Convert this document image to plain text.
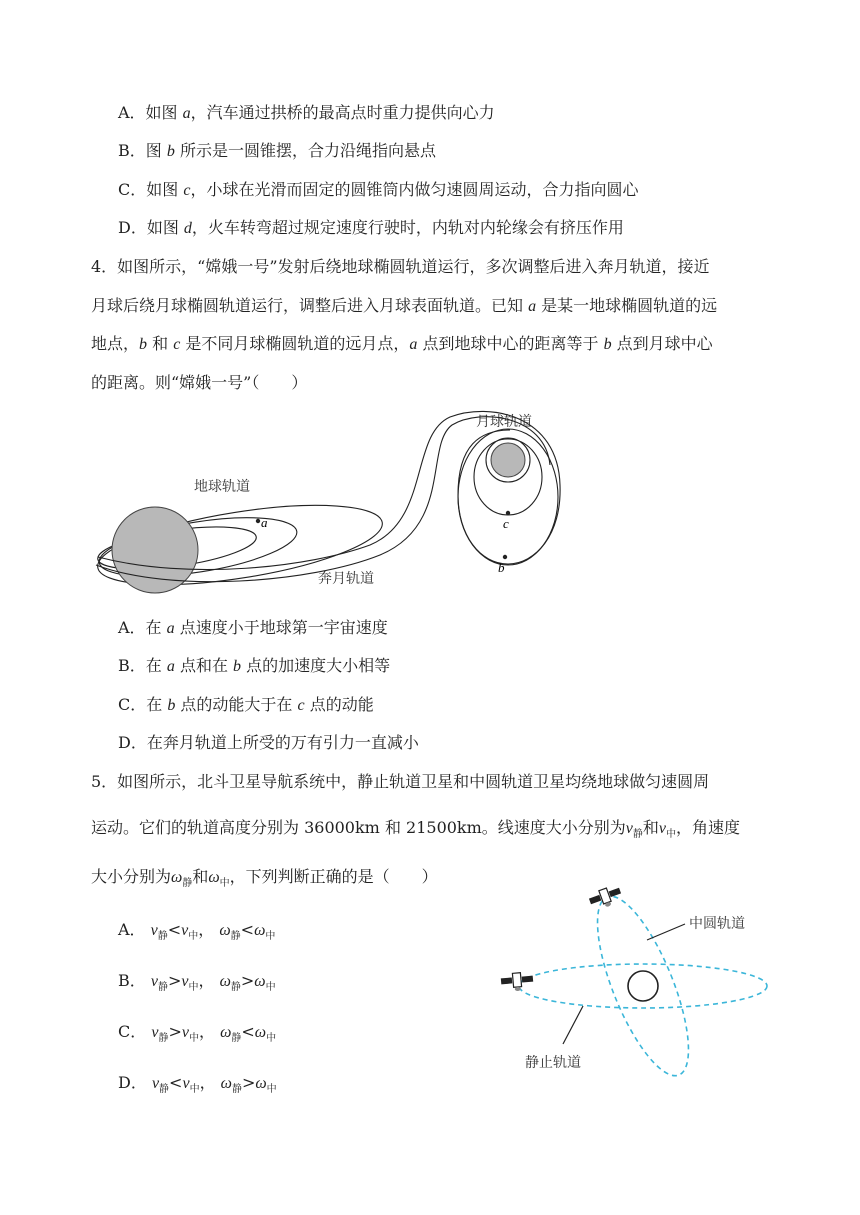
A．如图 a，汽车通过拱桥的最高点时重力提供向心力
B．图 b 所示是一圆锥摆，合力沿绳指向悬点
C．如图 c，小球在光滑而固定的圆锥筒内做匀速圆周运动，合力指向圆心
D．如图 d，火车转弯超过规定速度行驶时，内轨对内轮缘会有挤压作用
4．如图所示，“嫦娥一号”发射后绕地球椭圆轨道运行，多次调整后进入奔月轨道，接近
月球后绕月球椭圆轨道运行，调整后进入月球表面轨道。已知 a 是某一地球椭圆轨道的远
地点，b 和 c 是不同月球椭圆轨道的远月点，a 点到地球中心的距离等于 b 点到月球中心
的距离。则“嫦娥一号”（　　）
月球轨道
地球轨道
奔月轨道
a	c
b
A．在 a 点速度小于地球第一宇宙速度
B．在 a 点和在 b 点的加速度大小相等
C．在 b 点的动能大于在 c 点的动能
D．在奔月轨道上所受的万有引力一直减小
5．如图所示，北斗卫星导航系统中，静止轨道卫星和中圆轨道卫星均绕地球做匀速圆周
运动。它们的轨道高度分别为 36000km 和 21500km。线速度大小分别为$v_静$和$v_中$，角速度
大小分别为$\omega_静$和$\omega_中$，下列判断正确的是（　　）
A． $v_静<v_中$， $\omega_静<\omega_中$
B． $v_静>v_中$， $\omega_静>\omega_中$
C． $v_静>v_中$， $\omega_静<\omega_中$
D． $v_静<v_中$， $\omega_静>\omega_中$
中圆轨道
静止轨道
